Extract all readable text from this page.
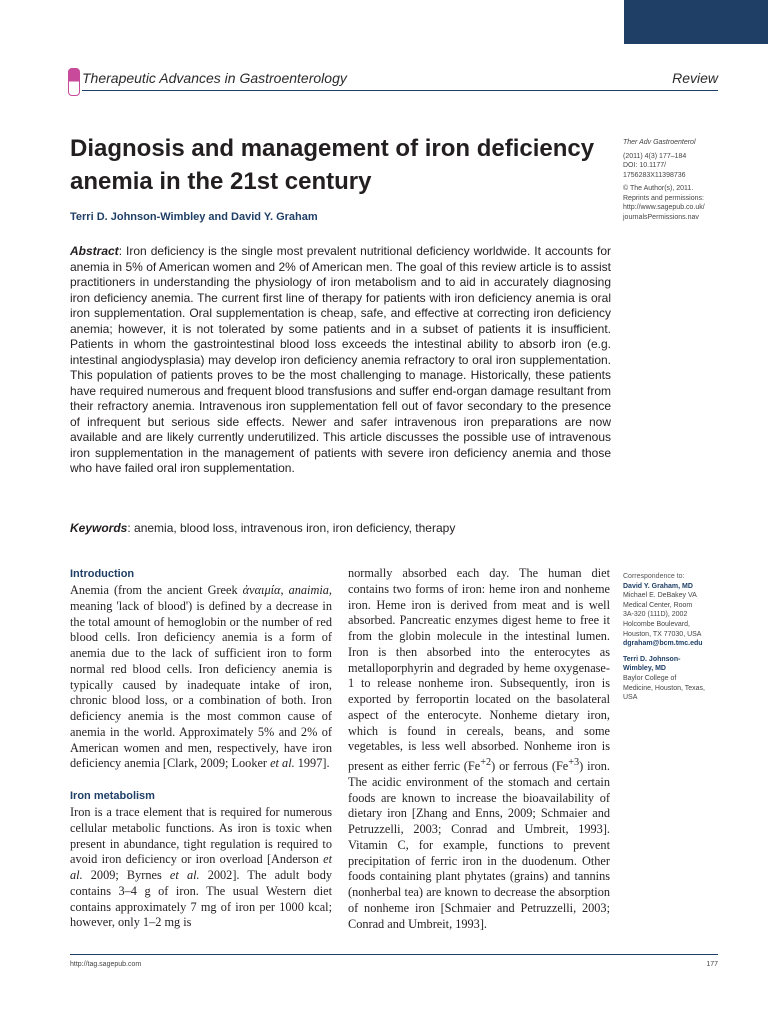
Therapeutic Advances in Gastroenterology	Review
Diagnosis and management of iron deficiency anemia in the 21st century
Terri D. Johnson-Wimbley and David Y. Graham
Ther Adv Gastroenterol
(2011) 4(3) 177–184
DOI: 10.1177/
1756283X11398736
© The Author(s), 2011.
Reprints and permissions:
http://www.sagepub.co.uk/
journalsPermissions.nav

Abstract: Iron deficiency is the single most prevalent nutritional deficiency worldwide. It accounts for anemia in 5% of American women and 2% of American men. The goal of this review article is to assist practitioners in understanding the physiology of iron metabolism and to aid in accurately diagnosing iron deficiency anemia. The current first line of therapy for patients with iron deficiency anemia is oral iron supplementation. Oral supplementation is cheap, safe, and effective at correcting iron deficiency anemia; however, it is not tolerated by some patients and in a subset of patients it is insufficient. Patients in whom the gastrointestinal blood loss exceeds the intestinal ability to absorb iron (e.g. intestinal angiodysplasia) may develop iron deficiency anemia refractory to oral iron supplementation. This population of patients proves to be the most challenging to manage. Historically, these patients have required numerous and frequent blood transfusions and suffer end-organ damage resultant from their refractory anemia. Intravenous iron supplementation fell out of favor secondary to the presence of infrequent but serious side effects. Newer and safer intravenous iron preparations are now available and are likely currently underutilized. This article discusses the possible use of intravenous iron supplementation in the management of patients with severe iron deficiency anemia and those who have failed oral iron supplementation.

Keywords: anemia, blood loss, intravenous iron, iron deficiency, therapy

Introduction

Anemia (from the ancient Greek ἀναιμία, anaimia, meaning 'lack of blood') is defined by a decrease in the total amount of hemoglobin or the number of red blood cells. Iron deficiency anemia is a form of anemia due to the lack of sufficient iron to form normal red blood cells. Iron deficiency anemia is typically caused by inadequate intake of iron, chronic blood loss, or a combination of both. Iron deficiency anemia is the most common cause of anemia in the world. Approximately 5% and 2% of American women and men, respectively, have iron deficiency anemia [Clark, 2009; Looker et al. 1997].

Iron metabolism

Iron is a trace element that is required for numerous cellular metabolic functions. As iron is toxic when present in abundance, tight regulation is required to avoid iron deficiency or iron overload [Anderson et al. 2009; Byrnes et al. 2002]. The adult body contains 3–4 g of iron. The usual Western diet contains approximately 7 mg of iron per 1000 kcal; however, only 1–2 mg is

normally absorbed each day. The human diet contains two forms of iron: heme iron and nonheme iron. Heme iron is derived from meat and is well absorbed. Pancreatic enzymes digest heme to free it from the globin molecule in the intestinal lumen. Iron is then absorbed into the enterocytes as metalloporphyrin and degraded by heme oxygenase-1 to release nonheme iron. Subsequently, iron is exported by ferroportin located on the basolateral aspect of the enterocyte. Nonheme dietary iron, which is found in cereals, beans, and some vegetables, is less well absorbed. Nonheme iron is present as either ferric $(Fe^{+2})$ or ferrous $(Fe^{+3})$ iron. The acidic environment of the stomach and certain foods are known to increase the bioavailability of dietary iron [Zhang and Enns, 2009; Schmaier and Petruzzelli, 2003; Conrad and Umbreit, 1993]. Vitamin C, for example, functions to prevent precipitation of ferric iron in the duodenum. Other foods containing plant phytates (grains) and tannins (nonherbal tea) are known to decrease the absorption of nonheme iron [Schmaier and Petruzzelli, 2003; Conrad and Umbreit, 1993].

Correspondence to:
David Y. Graham, MD
Michael E. DeBakey VA
Medical Center, Room
3A-320 (111D), 2002
Holcombe Boulevard,
Houston, TX 77030, USA
dgraham@bcm.tmc.edu
Terri D. Johnson-
Wimbley, MD
Baylor College of
Medicine, Houston, Texas,
USA
http://tag.sagepub.com	177
